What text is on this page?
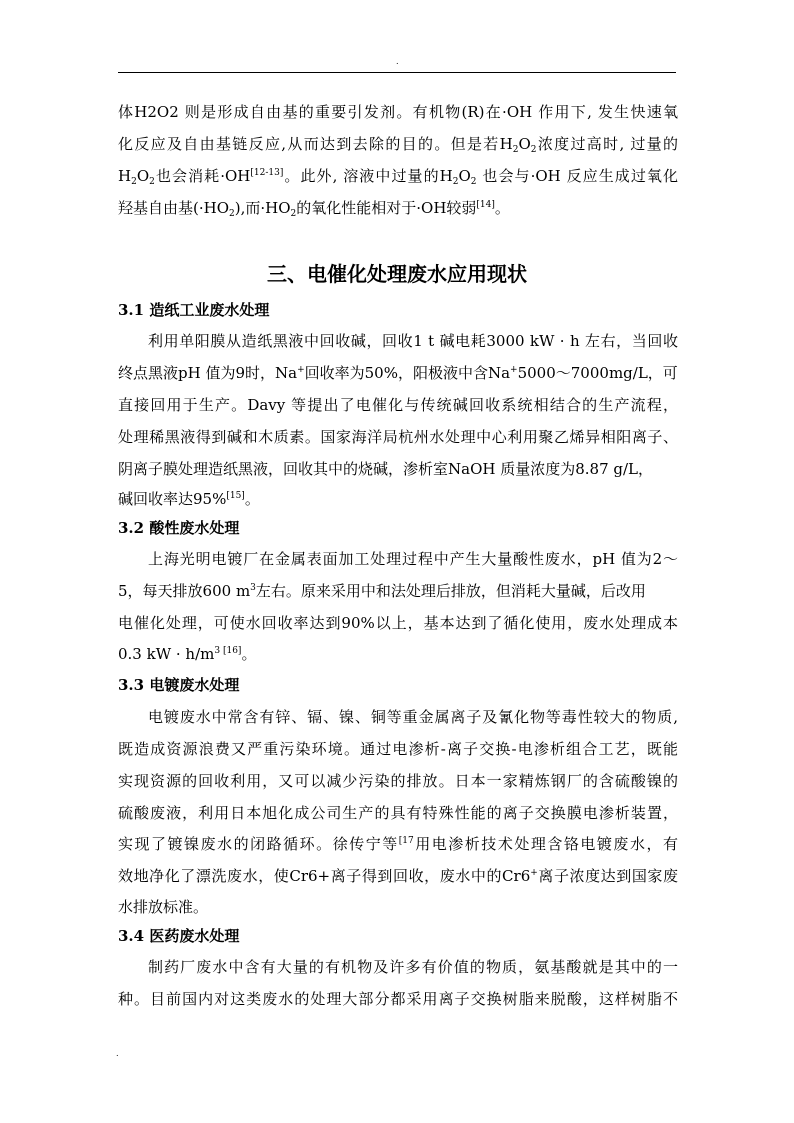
.
体H2O2 则是形成自由基的重要引发剂。有机物(R)在·OH 作用下, 发生快速氧
化反应及自由基链反应,从而达到去除的目的。但是若$H_2O_2$浓度过高时, 过量的
$H_2O_2$也会消耗·OH[12-13]。此外, 溶液中过量的$H_2O_2$ 也会与·OH 反应生成过氧化
羟基自由基$(\cdot HO_2)$,而$\cdot HO_2$的氧化性能相对于·OH较弱[14]。
三、电催化处理废水应用现状
3.1 造纸工业废水处理
利用单阳膜从造纸黑液中回收碱，回收1 t 碱电耗3000 kW · h 左右，当回收
终点黑液pH 值为9时，Na+回收率为50%，阳极液中含Na+5000～7000mg/L，可
直接回用于生产。Davy 等提出了电催化与传统碱回收系统相结合的生产流程，
处理稀黑液得到碱和木质素。国家海洋局杭州水处理中心利用聚乙烯异相阳离子、
阴离子膜处理造纸黑液，回收其中的烧碱，渗析室NaOH 质量浓度为8.87 g/L，
碱回收率达95%[15]。
3.2 酸性废水处理
上海光明电镀厂在金属表面加工处理过程中产生大量酸性废水，pH 值为2～
5，每天排放600 $m^3$左右。原来采用中和法处理后排放，但消耗大量碱，后改用
电催化处理，可使水回收率达到90%以上，基本达到了循化使用，废水处理成本
0.3 kW · $h/m^{3 [16]}$。
3.3 电镀废水处理
电镀废水中常含有锌、镉、镍、铜等重金属离子及氰化物等毒性较大的物质,
既造成资源浪费又严重污染环境。通过电渗析-离子交换-电渗析组合工艺，既能
实现资源的回收利用，又可以减少污染的排放。日本一家精炼钢厂的含硫酸镍的
硫酸废液，利用日本旭化成公司生产的具有特殊性能的离子交换膜电渗析装置，
实现了镀镍废水的闭路循环。徐传宁等$^{[17}$用电渗析技术处理含铬电镀废水，有
效地净化了漂洗废水，使Cr6+离子得到回收，废水中的Cr6+离子浓度达到国家废
水排放标准。
3.4 医药废水处理
制药厂废水中含有大量的有机物及许多有价值的物质，氨基酸就是其中的一
种。目前国内对这类废水的处理大部分都采用离子交换树脂来脱酸，这样树脂不
.
